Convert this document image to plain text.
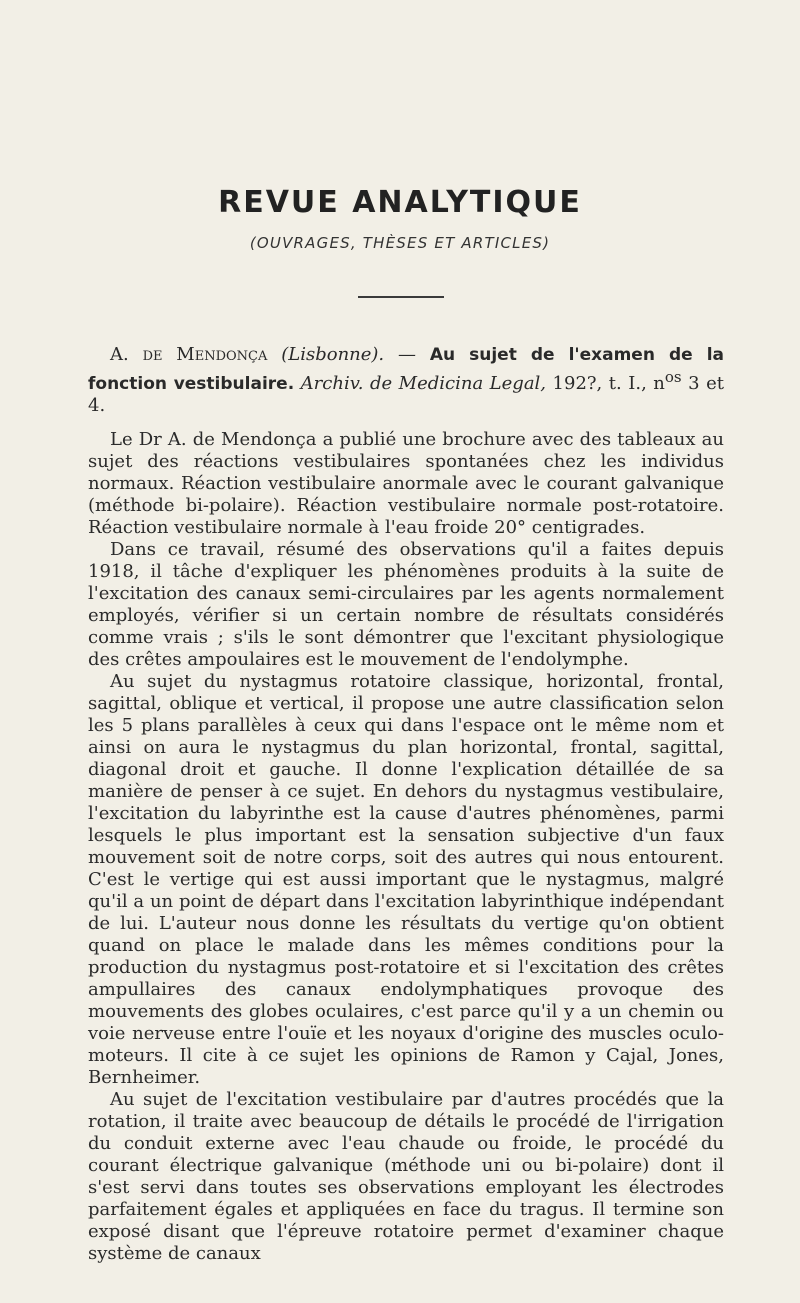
REVUE ANALYTIQUE
(OUVRAGES, THÈSES ET ARTICLES)

A. de Mendonça (Lisbonne). — Au sujet de l'examen de la fonction vestibulaire. Archiv. de Medicina Legal, 192?, t. I., $n^{os}$ 3 et 4.

Le Dr A. de Mendonça a publié une brochure avec des tableaux au sujet des réactions vestibulaires spontanées chez les individus normaux. Réaction vestibulaire anormale avec le courant galvanique (méthode bi-polaire). Réaction vestibulaire normale post-rotatoire. Réaction vestibulaire normale à l'eau froide 20° centigrades.

Dans ce travail, résumé des observations qu'il a faites depuis 1918, il tâche d'expliquer les phénomènes produits à la suite de l'excitation des canaux semi-circulaires par les agents normalement employés, vérifier si un certain nombre de résultats considérés comme vrais ; s'ils le sont démontrer que l'excitant physiologique des crêtes ampoulaires est le mouvement de l'endolymphe.

Au sujet du nystagmus rotatoire classique, horizontal, frontal, sagittal, oblique et vertical, il propose une autre classification selon les 5 plans parallèles à ceux qui dans l'espace ont le même nom et ainsi on aura le nystagmus du plan horizontal, frontal, sagittal, diagonal droit et gauche. Il donne l'explication détaillée de sa manière de penser à ce sujet. En dehors du nystagmus vestibulaire, l'excitation du labyrinthe est la cause d'autres phénomènes, parmi lesquels le plus important est la sensation subjective d'un faux mouvement soit de notre corps, soit des autres qui nous entourent. C'est le vertige qui est aussi important que le nystagmus, malgré qu'il a un point de départ dans l'excitation labyrinthique indépendant de lui. L'auteur nous donne les résultats du vertige qu'on obtient quand on place le malade dans les mêmes conditions pour la production du nystagmus post-rotatoire et si l'excitation des crêtes ampullaires des canaux endolymphatiques provoque des mouvements des globes oculaires, c'est parce qu'il y a un chemin ou voie nerveuse entre l'ouïe et les noyaux d'origine des muscles oculo-moteurs. Il cite à ce sujet les opinions de Ramon y Cajal, Jones, Bernheimer.

Au sujet de l'excitation vestibulaire par d'autres procédés que la rotation, il traite avec beaucoup de détails le procédé de l'irrigation du conduit externe avec l'eau chaude ou froide, le procédé du courant électrique galvanique (méthode uni ou bi-polaire) dont il s'est servi dans toutes ses observations employant les électrodes parfaitement égales et appliquées en face du tragus. Il termine son exposé disant que l'épreuve rotatoire permet d'examiner chaque système de canaux
